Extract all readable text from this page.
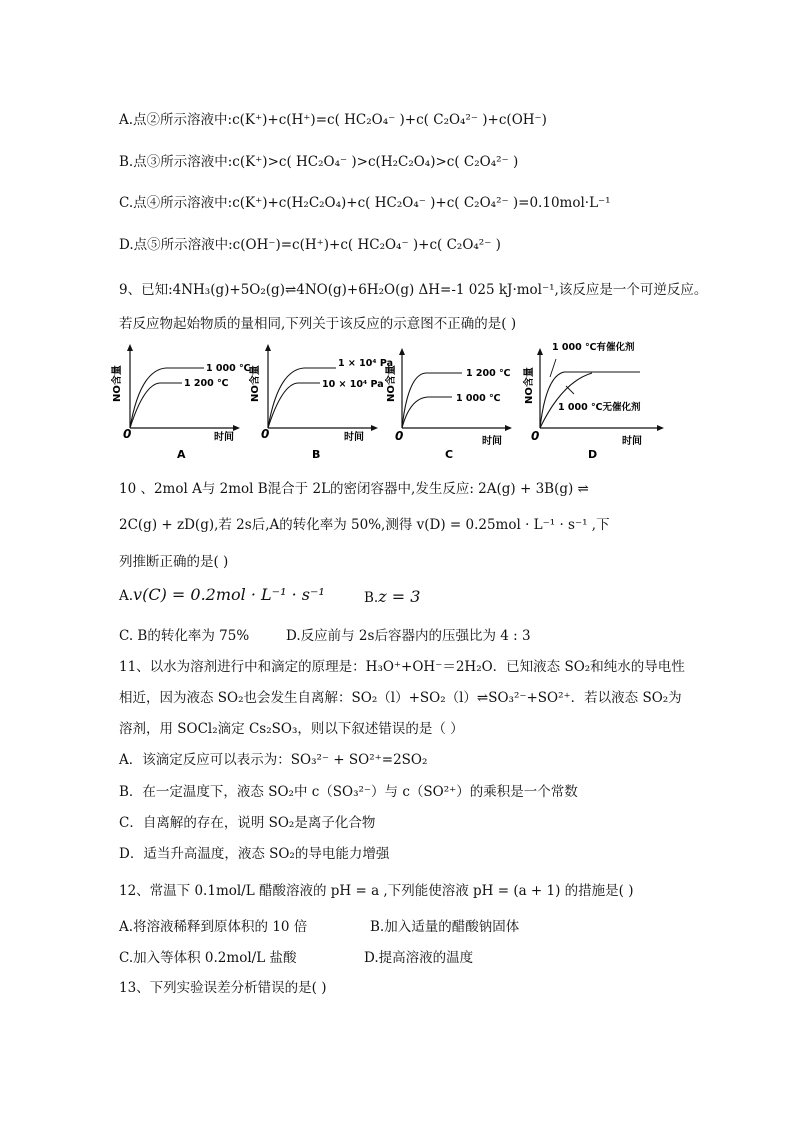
A.点②所示溶液中:c(K⁺)+c(H⁺)=c( HC₂O₄⁻ )+c( C₂O₄²⁻ )+c(OH⁻)
B.点③所示溶液中:c(K⁺)>c( HC₂O₄⁻ )>c(H₂C₂O₄)>c( C₂O₄²⁻ )
C.点④所示溶液中:c(K⁺)+c(H₂C₂O₄)+c( HC₂O₄⁻ )+c( C₂O₄²⁻ )=0.10mol·L⁻¹
D.点⑤所示溶液中:c(OH⁻)=c(H⁺)+c( HC₂O₄⁻ )+c( C₂O₄²⁻ )
9、已知:4NH₃(g)+5O₂(g)⇌4NO(g)+6H₂O(g) ΔH=-1 025 kJ·mol⁻¹,该反应是一个可逆反应。
若反应物起始物质的量相同,下列关于该反应的示意图不正确的是( )
NO含量
0	时间
1 000 ℃
1 200 ℃
A
NO含量
0	时间
1 × 10⁴ Pa
10 × 10⁴ Pa
B
NO含量
0	时间
1 200 ℃
1 000 ℃
C
NO含量
0	时间
1 000 ℃有催化剂
1 000 ℃无催化剂
D
10 、2mol A与 2mol B混合于 2L的密闭容器中,发生反应: 2A(g) + 3B(g) ⇌
2C(g) + zD(g),若 2s后,A的转化率为 50%,测得 v(D) = 0.25mol · L⁻¹ · s⁻¹ ,下
列推断正确的是( )
A.v(C) = 0.2mol · L⁻¹ · s⁻¹	B.z = 3
C. B的转化率为 75%	D.反应前与 2s后容器内的压强比为 4 : 3
11、以水为溶剂进行中和滴定的原理是：H₃O⁺+OH⁻＝2H₂O．已知液态 SO₂和纯水的导电性
相近，因为液态 SO₂也会发生自离解：SO₂（l）+SO₂（l）⇌SO₃²⁻+SO²⁺．若以液态 SO₂为
溶剂，用 SOCl₂滴定 Cs₂SO₃，则以下叙述错误的是（ ）
A．该滴定反应可以表示为：SO₃²⁻ + SO²⁺=2SO₂
B．在一定温度下，液态 SO₂中 c（SO₃²⁻）与 c（SO²⁺）的乘积是一个常数
C．自离解的存在，说明 SO₂是离子化合物
D．适当升高温度，液态 SO₂的导电能力增强
12、常温下 0.1mol/L 醋酸溶液的 pH = a ,下列能使溶液 pH = (a + 1) 的措施是( )
A.将溶液稀释到原体积的 10 倍	B.加入适量的醋酸钠固体
C.加入等体积 0.2mol/L 盐酸	D.提高溶液的温度
13、下列实验误差分析错误的是( )
